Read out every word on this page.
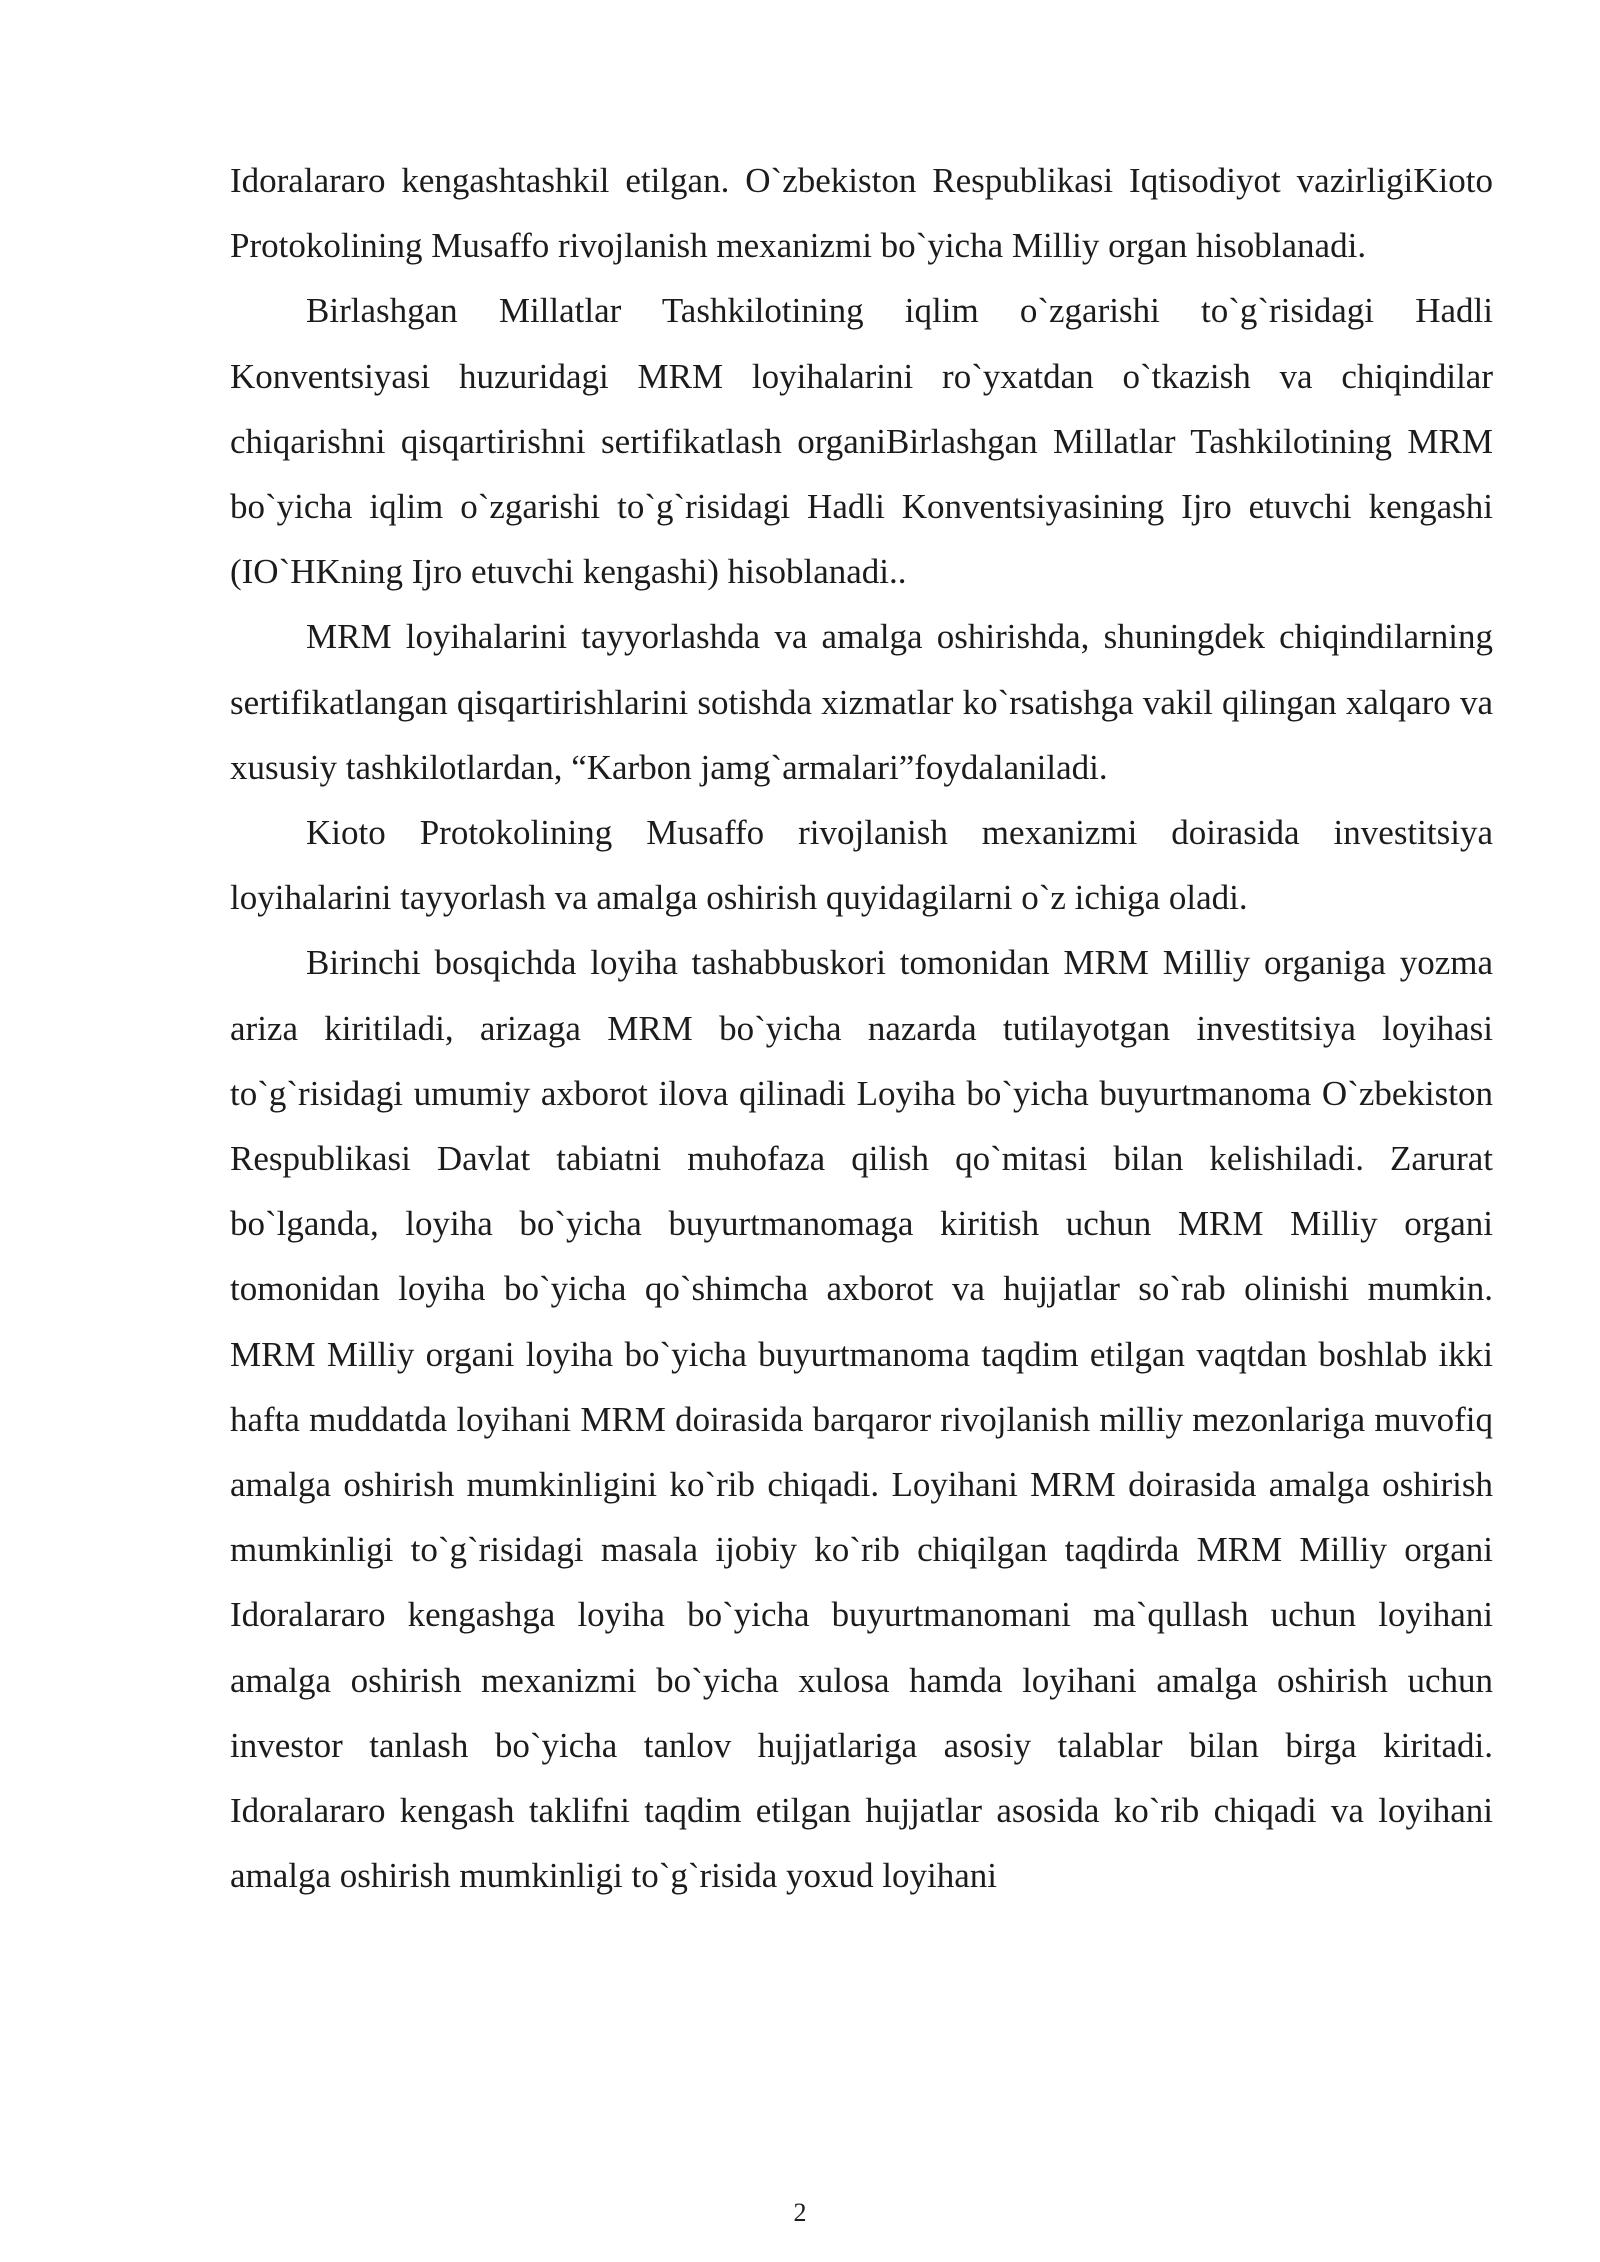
Idoralararo kengashtashkil etilgan. O`zbekiston Respublikasi Iqtisodiyot vazirligiKioto Protokolining Musaffo rivojlanish mexanizmi bo`yicha Milliy organ hisoblanadi.

Birlashgan Millatlar Tashkilotining iqlim o`zgarishi to`g`risidagi Hadli Konventsiyasi huzuridagi MRM loyihalarini ro`yxatdan o`tkazish va chiqindilar chiqarishni qisqartirishni sertifikatlash organiBirlashgan Millatlar Tashkilotining MRM bo`yicha iqlim o`zgarishi to`g`risidagi Hadli Konventsiyasining Ijro etuvchi kengashi (IO`HKning Ijro etuvchi kengashi) hisoblanadi..

MRM loyihalarini tayyorlashda va amalga oshirishda, shuningdek chiqindilarning sertifikatlangan qisqartirishlarini sotishda xizmatlar ko`rsatishga vakil qilingan xalqaro va xususiy tashkilotlardan, “Karbon jamg`armalari”foydalaniladi.

Kioto Protokolining Musaffo rivojlanish mexanizmi doirasida investitsiya loyihalarini tayyorlash va amalga oshirish quyidagilarni o`z ichiga oladi.

Birinchi bosqichda loyiha tashabbuskori tomonidan MRM Milliy organiga yozma ariza kiritiladi, arizaga MRM bo`yicha nazarda tutilayotgan investitsiya loyihasi to`g`risidagi umumiy axborot ilova qilinadi Loyiha bo`yicha buyurtmanoma O`zbekiston Respublikasi Davlat tabiatni muhofaza qilish qo`mitasi bilan kelishiladi. Zarurat bo`lganda, loyiha bo`yicha buyurtmanomaga kiritish uchun MRM Milliy organi tomonidan loyiha bo`yicha qo`shimcha axborot va hujjatlar so`rab olinishi mumkin. MRM Milliy organi loyiha bo`yicha buyurtmanoma taqdim etilgan vaqtdan boshlab ikki hafta muddatda loyihani MRM doirasida barqaror rivojlanish milliy mezonlariga muvofiq amalga oshirish mumkinligini ko`rib chiqadi. Loyihani MRM doirasida amalga oshirish mumkinligi to`g`risidagi masala ijobiy ko`rib chiqilgan taqdirda MRM Milliy organi Idoralararo kengashga loyiha bo`yicha buyurtmanomani ma`qullash uchun loyihani amalga oshirish mexanizmi bo`yicha xulosa hamda loyihani amalga oshirish uchun investor tanlash bo`yicha tanlov hujjatlariga asosiy talablar bilan birga kiritadi. Idoralararo kengash taklifni taqdim etilgan hujjatlar asosida ko`rib chiqadi va loyihani amalga oshirish mumkinligi to`g`risida yoxud loyihani

2
